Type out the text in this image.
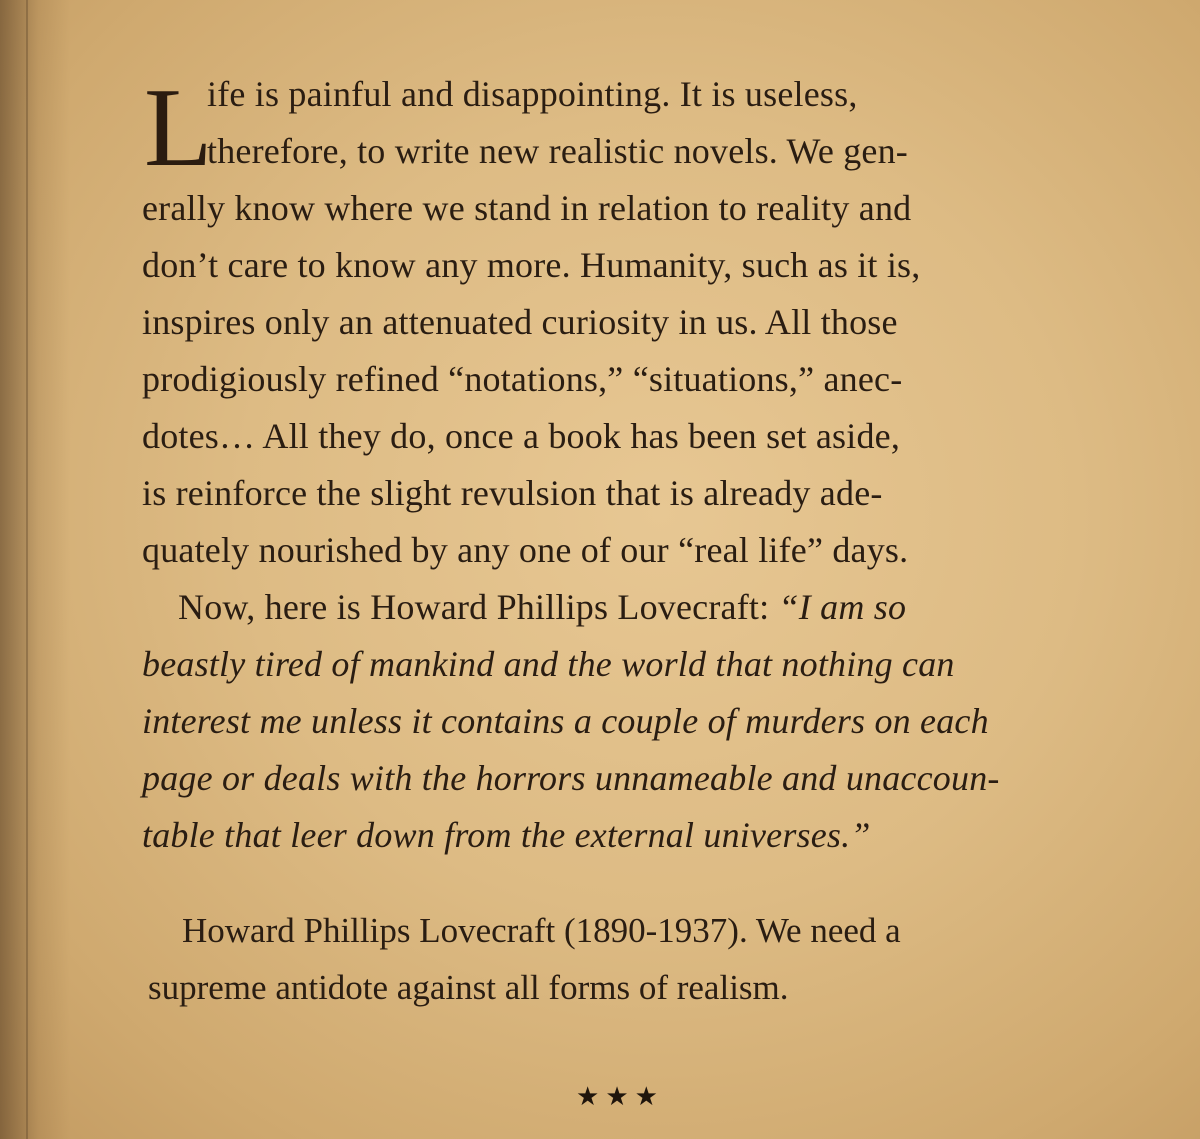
L
ife is painful and disappointing. It is useless,
therefore, to write new realistic novels. We gen-
erally know where we stand in relation to reality and
don’t care to know any more. Humanity, such as it is,
inspires only an attenuated curiosity in us. All those
prodigiously refined “notations,” “situations,” anec-
dotes… All they do, once a book has been set aside,
is reinforce the slight revulsion that is already ade-
quately nourished by any one of our “real life” days.
Now, here is Howard Phillips Lovecraft: “I am so
beastly tired of mankind and the world that nothing can
interest me unless it contains a couple of murders on each
page or deals with the horrors unnameable and unaccoun-
table that leer down from the external universes.”
Howard Phillips Lovecraft (1890-1937). We need a
supreme antidote against all forms of realism.
★★★
